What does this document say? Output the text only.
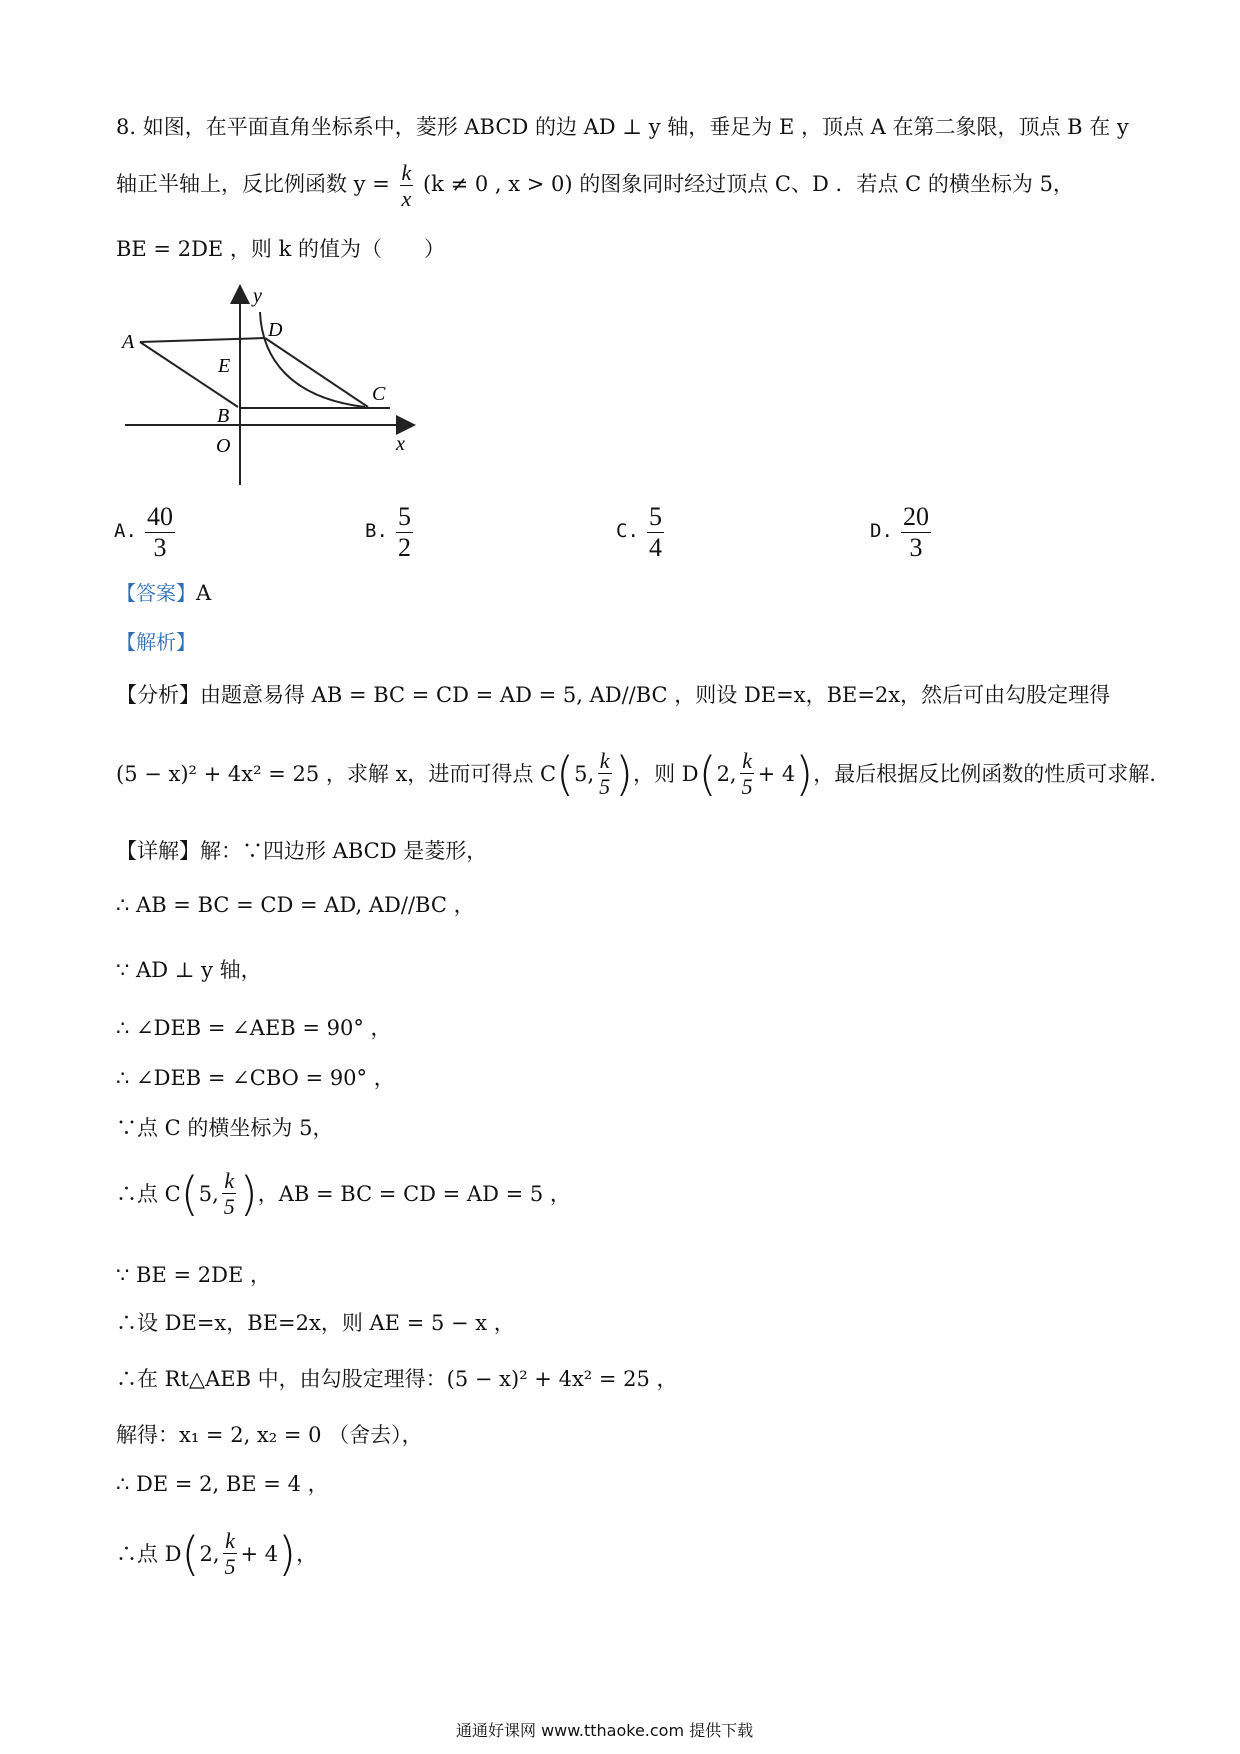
8. 如图，在平面直角坐标系中，菱形 ABCD 的边 AD ⊥ y 轴，垂足为 E ，顶点 A 在第二象限，顶点 B 在 y
轴正半轴上，反比例函数 $y = \frac{k}{x} (k \ne 0$ , x > 0) 的图象同时经过顶点 C、D ．若点 C 的横坐标为 5，
BE = 2DE ，则 k 的值为（　　）
y
x
A
D
E
C
B
O
A. $\frac{40}{3}$	B. $\frac{5}{2}$	C. $\frac{5}{4}$	D. $\frac{20}{3}$
【答案】A
【解析】
【分析】由题意易得 AB = BC = CD = AD = 5, AD//BC ，则设 DE=x，BE=2x，然后可由勾股定理得
(5 − x)² + 4x² = 25 ，求解 x，进而可得点 C ( 5, $\frac{k}{5}$ ) ，则 D ( 2, $\frac{k}{5} + 4$ ) ，最后根据反比例函数的性质可求解.
【详解】解：∵四边形 ABCD 是菱形，
∴ AB = BC = CD = AD, AD//BC ，
∵ AD ⊥ y 轴，
∴ ∠DEB = ∠AEB = 90° ，
∴ ∠DEB = ∠CBO = 90° ，
∵点 C 的横坐标为 5，
∴点 C ( 5, $\frac{k}{5}$ ) ，AB = BC = CD = AD = 5 ，
∵ BE = 2DE ，
∴设 DE=x，BE=2x，则 AE = 5 − x ，
∴在 Rt△AEB 中，由勾股定理得：(5 − x)² + 4x² = 25 ，
解得：x₁ = 2, x₂ = 0 （舍去），
∴ DE = 2, BE = 4 ，
∴点 D ( 2, $\frac{k}{5} + 4$ ) ，
通通好课网 www.tthaoke.com 提供下载
